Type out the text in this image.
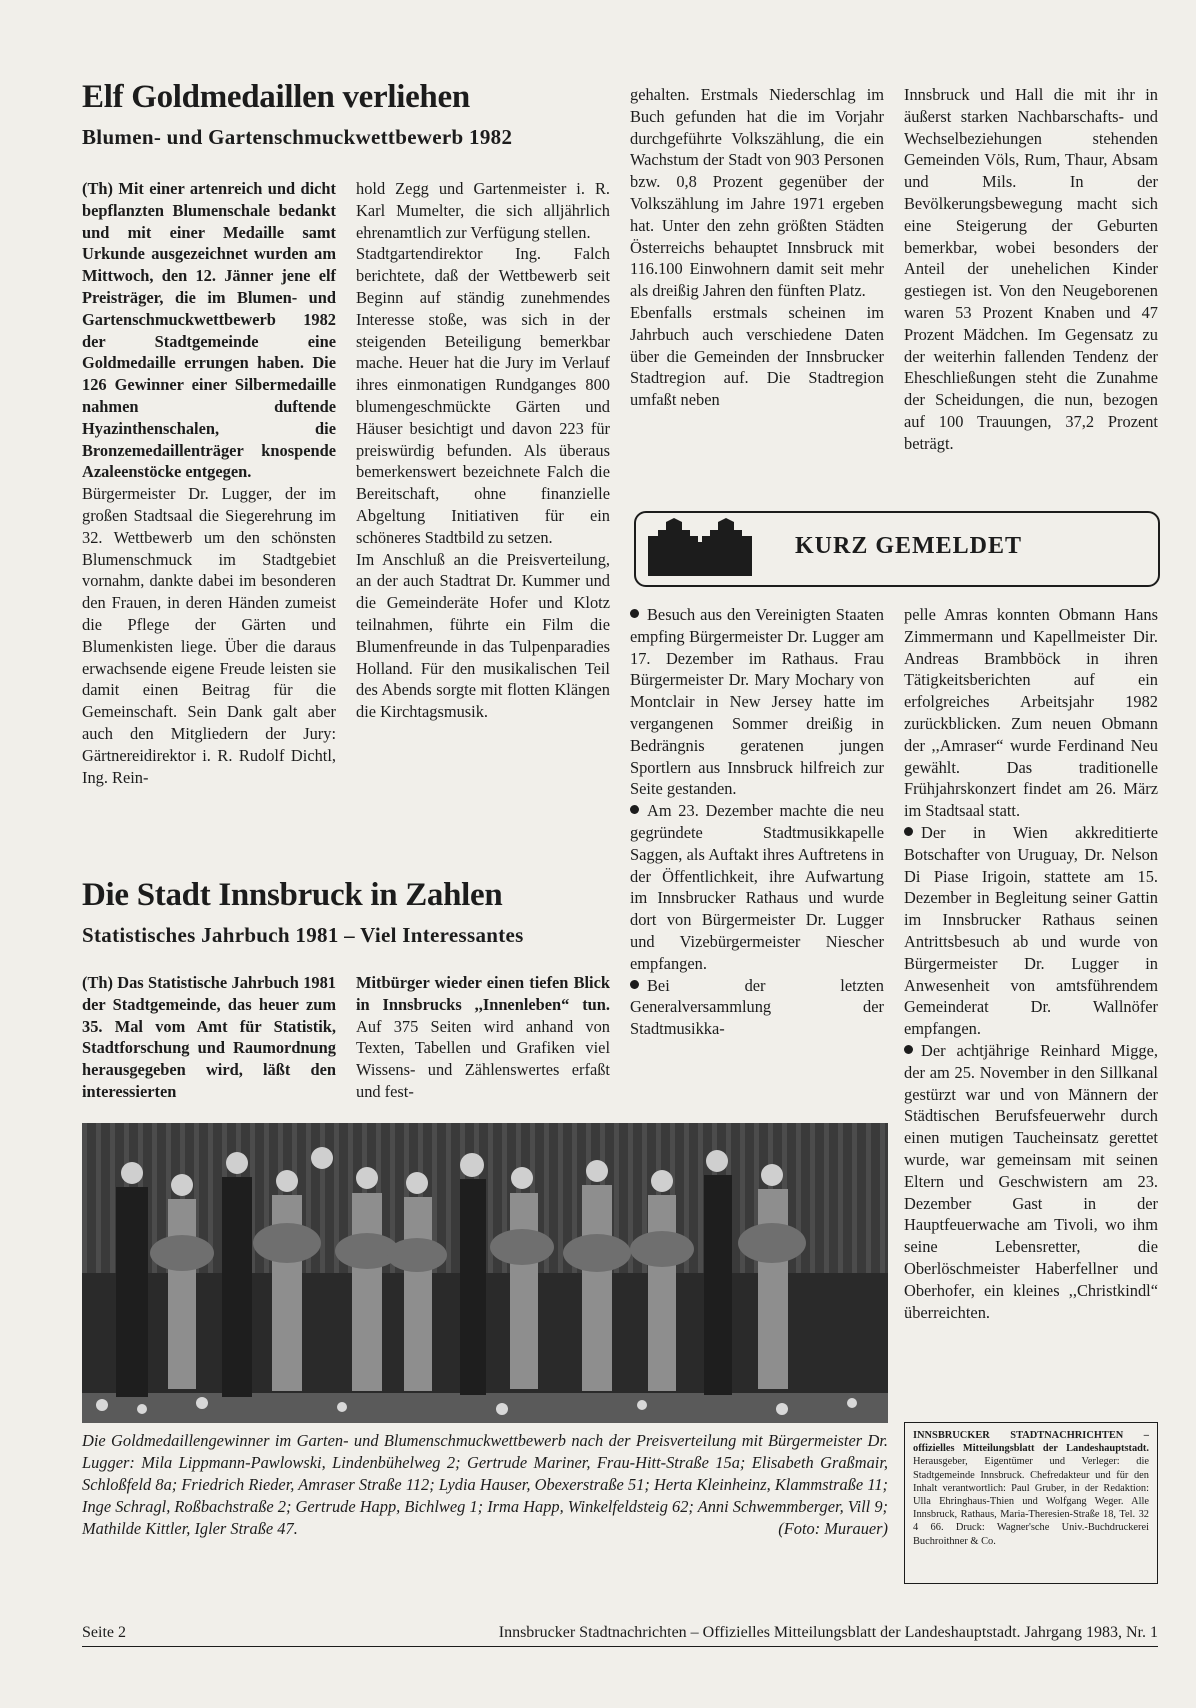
Elf Goldmedaillen verliehen
Blumen- und Gartenschmuckwettbewerb 1982

(Th) Mit einer artenreich und dicht bepflanzten Blumenschale bedankt und mit einer Medaille samt Urkunde ausgezeichnet wurden am Mittwoch, den 12. Jänner jene elf Preisträger, die im Blumen- und Gartenschmuckwettbewerb 1982 der Stadtgemeinde eine Goldmedaille errungen haben. Die 126 Gewinner einer Silbermedaille nahmen duftende Hyazinthenschalen, die Bronzemedaillenträger knospende Azaleenstöcke entgegen.

Bürgermeister Dr. Lugger, der im großen Stadtsaal die Siegerehrung im 32. Wettbewerb um den schönsten Blumenschmuck im Stadtgebiet vornahm, dankte dabei im besonderen den Frauen, in deren Händen zumeist die Pflege der Gärten und Blumenkisten liege. Über die daraus erwachsende eigene Freude leisten sie damit einen Beitrag für die Gemeinschaft. Sein Dank galt aber auch den Mitgliedern der Jury: Gärtnereidirektor i. R. Rudolf Dichtl, Ing. Rein-

hold Zegg und Gartenmeister i. R. Karl Mumelter, die sich alljährlich ehrenamtlich zur Verfügung stellen.

Stadtgartendirektor Ing. Falch berichtete, daß der Wettbewerb seit Beginn auf ständig zunehmendes Interesse stoße, was sich in der steigenden Beteiligung bemerkbar mache. Heuer hat die Jury im Verlauf ihres einmonatigen Rundganges 800 blumengeschmückte Gärten und Häuser besichtigt und davon 223 für preiswürdig befunden. Als überaus bemerkenswert bezeichnete Falch die Bereitschaft, ohne finanzielle Abgeltung Initiativen für ein schöneres Stadtbild zu setzen.

Im Anschluß an die Preisverteilung, an der auch Stadtrat Dr. Kummer und die Gemeinderäte Hofer und Klotz teilnahmen, führte ein Film die Blumenfreunde in das Tulpenparadies Holland. Für den musikalischen Teil des Abends sorgte mit flotten Klängen die Kirchtagsmusik.

Die Stadt Innsbruck in Zahlen
Statistisches Jahrbuch 1981 – Viel Interessantes

(Th) Das Statistische Jahrbuch 1981 der Stadtgemeinde, das heuer zum 35. Mal vom Amt für Statistik, Stadtforschung und Raumordnung herausgegeben wird, läßt den interessierten

Mitbürger wieder einen tiefen Blick in Innsbrucks ,,Innenleben“ tun. Auf 375 Seiten wird anhand von Texten, Tabellen und Grafiken viel Wissens- und Zählenswertes erfaßt und fest-

gehalten. Erstmals Niederschlag im Buch gefunden hat die im Vorjahr durchgeführte Volkszählung, die ein Wachstum der Stadt von 903 Personen bzw. 0,8 Prozent gegenüber der Volkszählung im Jahre 1971 ergeben hat. Unter den zehn größten Städten Österreichs behauptet Innsbruck mit 116.100 Einwohnern damit seit mehr als dreißig Jahren den fünften Platz.

Ebenfalls erstmals scheinen im Jahrbuch auch verschiedene Daten über die Gemeinden der Innsbrucker Stadtregion auf. Die Stadtregion umfaßt neben

Innsbruck und Hall die mit ihr in äußerst starken Nachbarschafts- und Wechselbeziehungen stehenden Gemeinden Völs, Rum, Thaur, Absam und Mils. In der Bevölkerungsbewegung macht sich eine Steigerung der Geburten bemerkbar, wobei besonders der Anteil der unehelichen Kinder gestiegen ist. Von den Neugeborenen waren 53 Prozent Knaben und 47 Prozent Mädchen. Im Gegensatz zu der weiterhin fallenden Tendenz der Eheschließungen steht die Zunahme der Scheidungen, die nun, bezogen auf 100 Trauungen, 37,2 Prozent beträgt.

KURZ GEMELDET

Besuch aus den Vereinigten Staaten empfing Bürgermeister Dr. Lugger am 17. Dezember im Rathaus. Frau Bürgermeister Dr. Mary Mochary von Montclair in New Jersey hatte im vergangenen Sommer dreißig in Bedrängnis geratenen jungen Sportlern aus Innsbruck hilfreich zur Seite gestanden.

Am 23. Dezember machte die neu gegründete Stadtmusikkapelle Saggen, als Auftakt ihres Auftretens in der Öffentlichkeit, ihre Aufwartung im Innsbrucker Rathaus und wurde dort von Bürgermeister Dr. Lugger und Vizebürgermeister Niescher empfangen.

Bei der letzten Generalversammlung der Stadtmusikka-

pelle Amras konnten Obmann Hans Zimmermann und Kapellmeister Dir. Andreas Brambböck in ihren Tätigkeitsberichten auf ein erfolgreiches Arbeitsjahr 1982 zurückblicken. Zum neuen Obmann der ,,Amraser“ wurde Ferdinand Neu gewählt. Das traditionelle Frühjahrskonzert findet am 26. März im Stadtsaal statt.

Der in Wien akkreditierte Botschafter von Uruguay, Dr. Nelson Di Piase Irigoin, stattete am 15. Dezember in Begleitung seiner Gattin im Innsbrucker Rathaus seinen Antrittsbesuch ab und wurde von Bürgermeister Dr. Lugger in Anwesenheit von amtsführendem Gemeinderat Dr. Wallnöfer empfangen.

Der achtjährige Reinhard Migge, der am 25. November in den Sillkanal gestürzt war und von Männern der Städtischen Berufsfeuerwehr durch einen mutigen Taucheinsatz gerettet wurde, war gemeinsam mit seinen Eltern und Geschwistern am 23. Dezember Gast in der Hauptfeuerwache am Tivoli, wo ihm seine Lebensretter, die Oberlöschmeister Haberfellner und Oberhofer, ein kleines ,,Christkindl“ überreichten.

Die Goldmedaillengewinner im Garten- und Blumenschmuckwettbewerb nach der Preisverteilung mit Bürgermeister Dr. Lugger: Mila Lippmann-Pawlowski, Lindenbühelweg 2; Gertrude Mariner, Frau-Hitt-Straße 15a; Elisabeth Graßmair, Schloßfeld 8a; Friedrich Rieder, Amraser Straße 112; Lydia Hauser, Obexerstraße 51; Herta Kleinheinz, Klammstraße 11; Inge Schragl, Roßbachstraße 2; Gertrude Happ, Bichlweg 1; Irma Happ, Winkelfeldsteig 62; Anni Schwemmberger, Vill 9; Mathilde Kittler, Igler Straße 47.	(Foto: Murauer)
INNSBRUCKER STADTNACHRICHTEN – offizielles Mitteilungsblatt der Landeshauptstadt. Herausgeber, Eigentümer und Verleger: die Stadtgemeinde Innsbruck. Chefredakteur und für den Inhalt verantwortlich: Paul Gruber, in der Redaktion: Ulla Ehringhaus-Thien und Wolfgang Weger. Alle Innsbruck, Rathaus, Maria-Theresien-Straße 18, Tel. 32 4 66. Druck: Wagner'sche Univ.-Buchdruckerei Buchroithner & Co.
Seite 2	Innsbrucker Stadtnachrichten – Offizielles Mitteilungsblatt der Landeshauptstadt. Jahrgang 1983, Nr. 1
